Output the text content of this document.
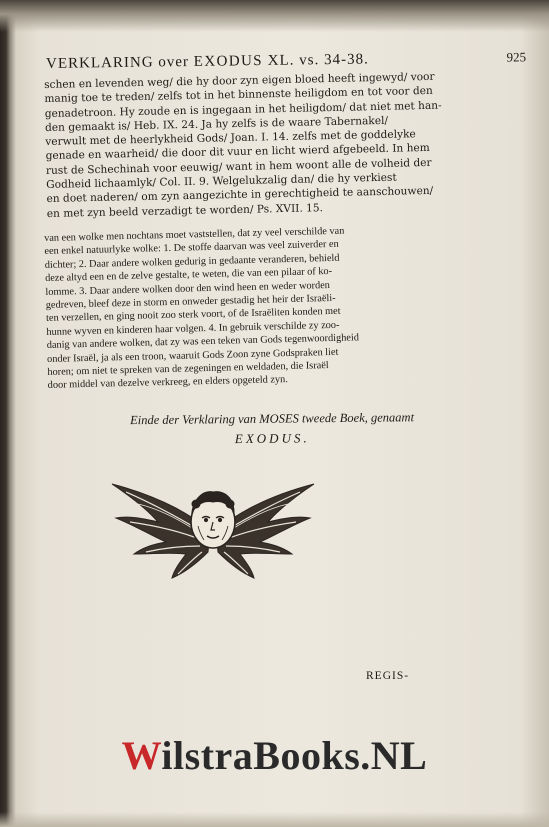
VERKLARING over EXODUS XL. vs. 34-38.	925

schen en levenden weg/ die hy door zyn eigen bloed heeft ingewyd/ voor

manig toe te treden/ zelfs tot in het binnenste heiligdom en tot voor den

genadetroon. Hy zoude en is ingegaan in het heiligdom/ dat niet met han-

den gemaakt is/ Heb. IX. 24. Ja hy zelfs is de waare Tabernakel/

verwult met de heerlykheid Gods/ Joan. I. 14. zelfs met de goddelyke

genade en waarheid/ die door dit vuur en licht wierd afgebeeld. In hem

rust de Schechinah voor eeuwig/ want in hem woont alle de volheid der

Godheid lichaamlyk/ Col. II. 9. Welgelukzalig dan/ die hy verkiest

en doet naderen/ om zyn aangezichte in gerechtigheid te aanschouwen/

en met zyn beeld verzadigt te worden/ Ps. XVII. 15.

van een wolke men nochtans moet vaststellen, dat zy veel verschilde van

een enkel natuurlyke wolke: 1. De stoffe daarvan was veel zuiverder en

dichter; 2. Daar andere wolken gedurig in gedaante veranderen, behield

deze altyd een en de zelve gestalte, te weten, die van een pilaar of ko-

lomme. 3. Daar andere wolken door den wind heen en weder worden

gedreven, bleef deze in storm en onweder gestadig het heir der Israëli-

ten verzellen, en ging nooit zoo sterk voort, of de Israëliten konden met

hunne wyven en kinderen haar volgen. 4. In gebruik verschilde zy zoo-

danig van andere wolken, dat zy was een teken van Gods tegenwoordigheid

onder Israël, ja als een troon, waaruit Gods Zoon zyne Godspraken liet

horen; om niet te spreken van de zegeningen en weldaden, die Israël

door middel van dezelve verkreeg, en elders opgeteld zyn.

Einde der Verklaring van MOSES tweede Boek, genaamt
EXODUS.
REGIS-
WilstraBooks.NL
